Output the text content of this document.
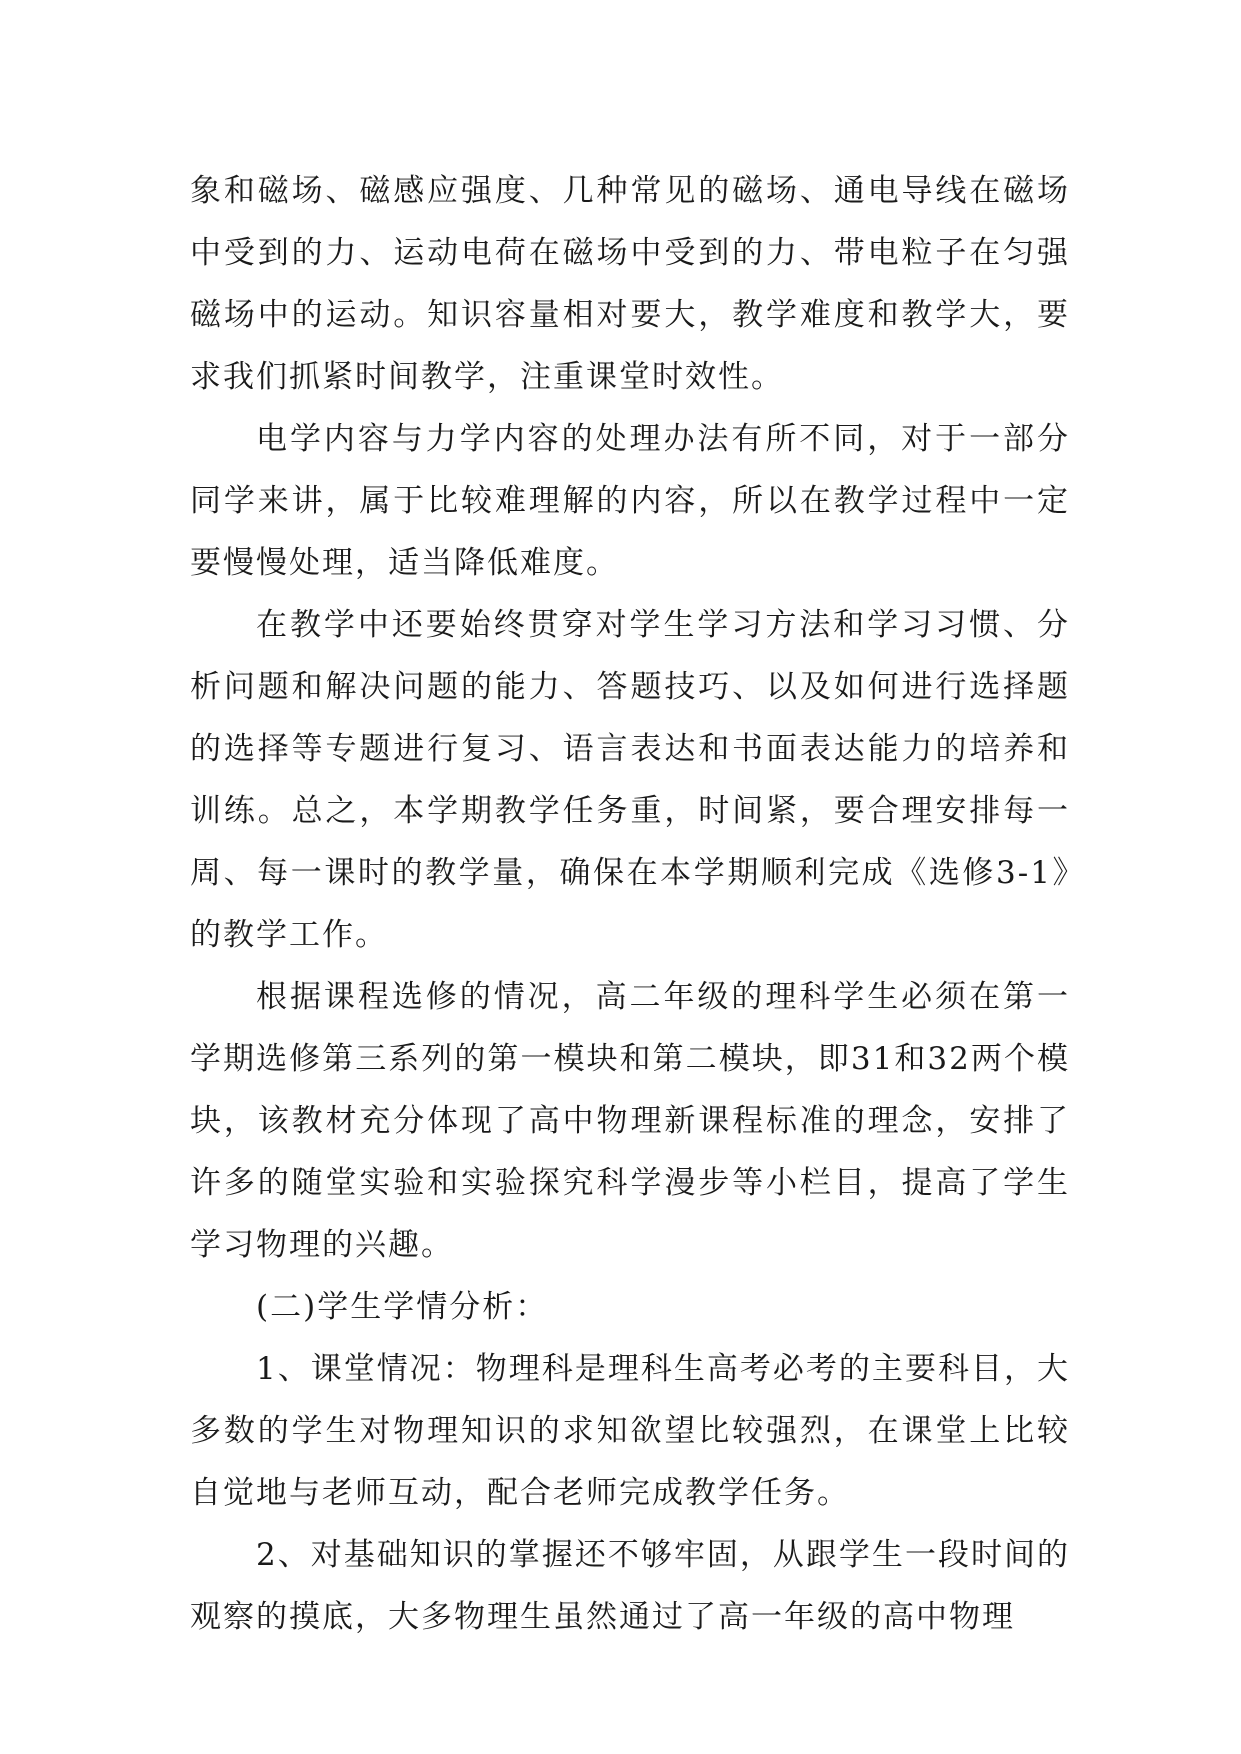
象和磁场、磁感应强度、几种常见的磁场、通电导线在磁场中受到的力、运动电荷在磁场中受到的力、带电粒子在匀强磁场中的运动。知识容量相对要大，教学难度和教学大，要求我们抓紧时间教学，注重课堂时效性。

电学内容与力学内容的处理办法有所不同，对于一部分同学来讲，属于比较难理解的内容，所以在教学过程中一定要慢慢处理，适当降低难度。

在教学中还要始终贯穿对学生学习方法和学习习惯、分析问题和解决问题的能力、答题技巧、以及如何进行选择题的选择等专题进行复习、语言表达和书面表达能力的培养和训练。总之，本学期教学任务重，时间紧，要合理安排每一周、每一课时的教学量，确保在本学期顺利完成《选修3-1》的教学工作。

根据课程选修的情况，高二年级的理科学生必须在第一学期选修第三系列的第一模块和第二模块，即31和32两个模块，该教材充分体现了高中物理新课程标准的理念，安排了许多的随堂实验和实验探究科学漫步等小栏目，提高了学生学习物理的兴趣。

(二)学生学情分析：

1、课堂情况：物理科是理科生高考必考的主要科目，大多数的学生对物理知识的求知欲望比较强烈，在课堂上比较自觉地与老师互动，配合老师完成教学任务。

2、对基础知识的掌握还不够牢固，从跟学生一段时间的观察的摸底，大多物理生虽然通过了高一年级的高中物理
